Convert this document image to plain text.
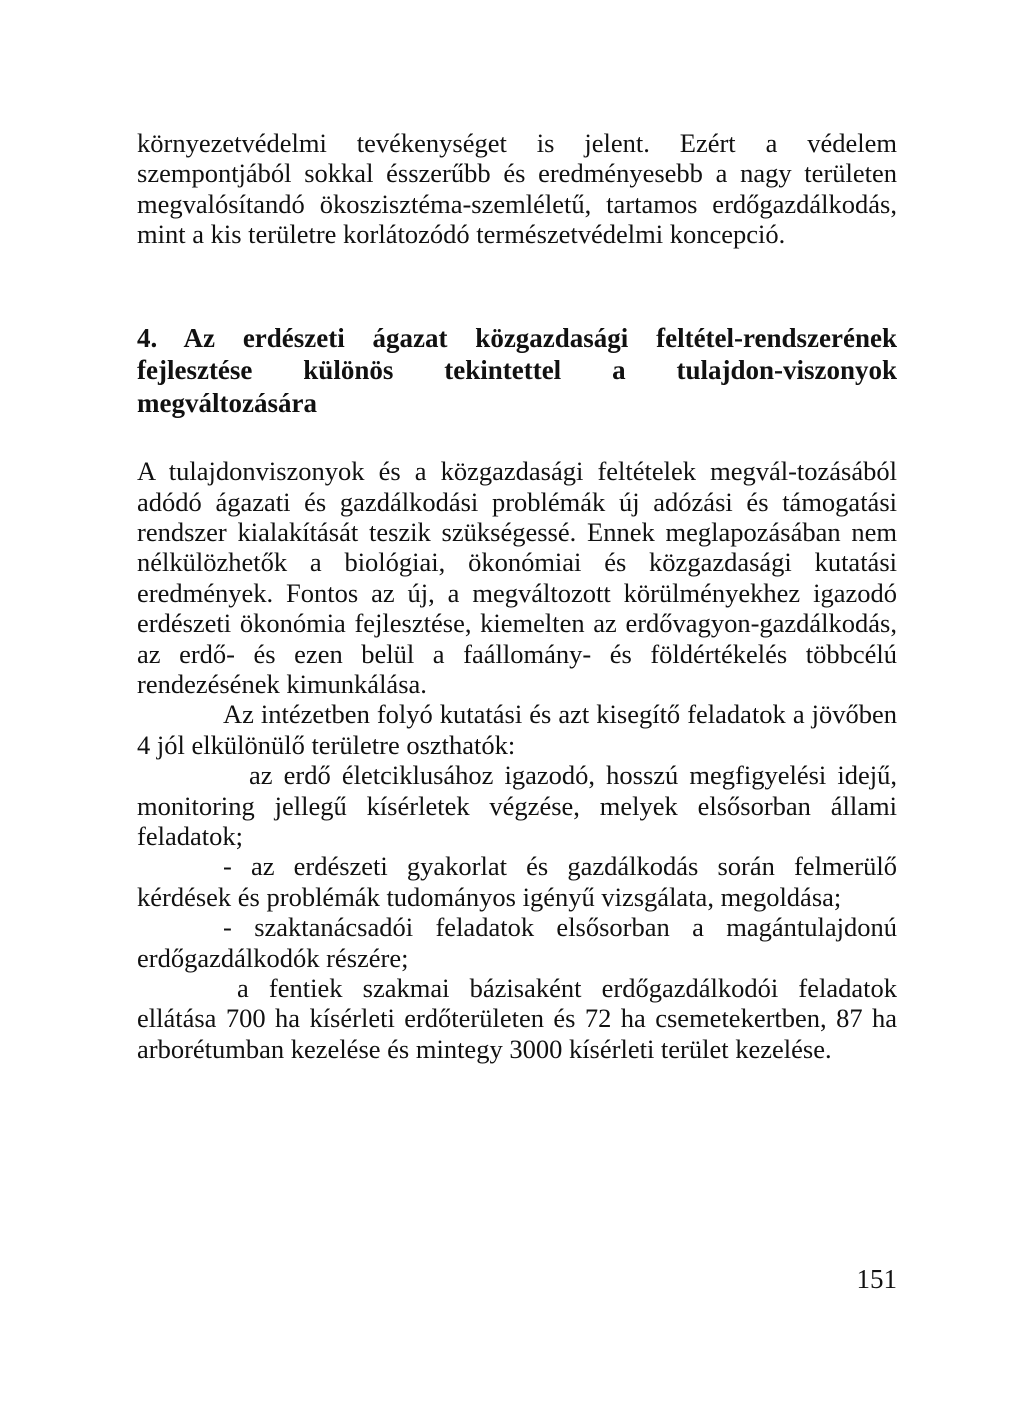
környezetvédelmi tevékenységet is jelent. Ezért a védelem szempontjából sokkal ésszerűbb és eredményesebb a nagy területen megvalósítandó ökoszisztéma-szemléletű, tartamos erdőgazdálkodás, mint a kis területre korlátozódó természetvédelmi koncepció.

4. Az erdészeti ágazat közgazdasági feltétel-rendszerének fejlesztése különös tekintettel a tulajdon-viszonyok megváltozására

A tulajdonviszonyok és a közgazdasági feltételek megvál-tozásából adódó ágazati és gazdálkodási problémák új adózási és támogatási rendszer kialakítását teszik szükségessé. Ennek meglapozásában nem nélkülözhetők a biológiai, ökonómiai és közgazdasági kutatási eredmények. Fontos az új, a megváltozott körülményekhez igazodó erdészeti ökonómia fejlesztése, kiemelten az erdővagyon-gazdálkodás, az erdő- és ezen belül a faállomány- és földértékelés többcélú rendezésének kimunkálása.

Az intézetben folyó kutatási és azt kisegítő feladatok a jövőben 4 jól elkülönülő területre oszthatók:

az erdő életciklusához igazodó, hosszú megfigyelési idejű, monitoring jellegű kísérletek végzése, melyek elsősorban állami feladatok;

- az erdészeti gyakorlat és gazdálkodás során felmerülő kérdések és problémák tudományos igényű vizsgálata, megoldása;

- szaktanácsadói feladatok elsősorban a magántulajdonú erdőgazdálkodók részére;

a fentiek szakmai bázisaként erdőgazdálkodói feladatok ellátása 700 ha kísérleti erdőterületen és 72 ha csemetekertben, 87 ha arborétumban kezelése és mintegy 3000 kísérleti terület kezelése.

151
